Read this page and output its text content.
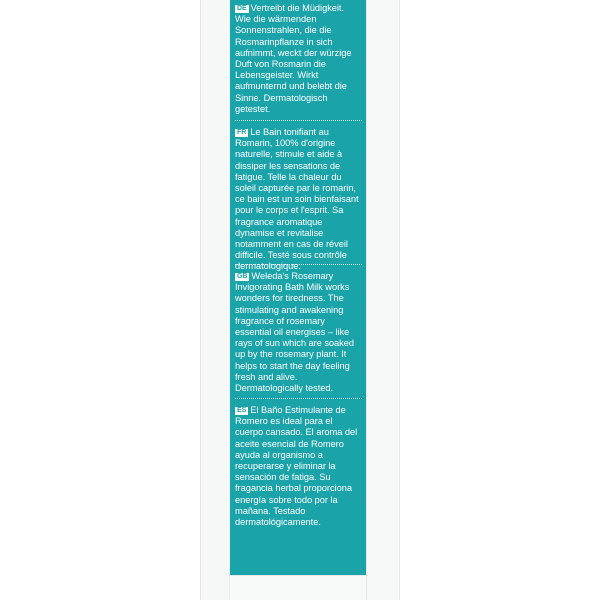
DE Vertreibt die Müdigkeit. Wie die wärmenden Sonnenstrahlen, die die Rosmarinpflanze in sich aufnimmt, weckt der würzige Duft von Rosmarin die Lebensgeister. Wirkt aufmunternd und belebt die Sinne. Dermatologisch getestet.
FR Le Bain tonifiant au Romarin, 100% d'origine naturelle, stimule et aide à dissiper les sensations de fatigue. Telle la chaleur du soleil capturée par le romarin, ce bain est un soin bienfaisant pour le corps et l'esprit. Sa fragrance aromatique dynamise et revitalise notamment en cas de réveil difficile. Testé sous contrôle dermatologique.
GB Weleda's Rosemary Invigorating Bath Milk works wonders for tiredness. The stimulating and awakening fragrance of rosemary essential oil energises – like rays of sun which are soaked up by the rosemary plant. It helps to start the day feeling fresh and alive. Dermatologically tested.
ES El Baño Estimulante de Romero es ideal para el cuerpo cansado. El aroma del aceite esencial de Romero ayuda al organismo a recuperarse y eliminar la sensación de fatiga. Su fragancia herbal proporciona energía sobre todo por la mañana. Testado dermatológicamente.
